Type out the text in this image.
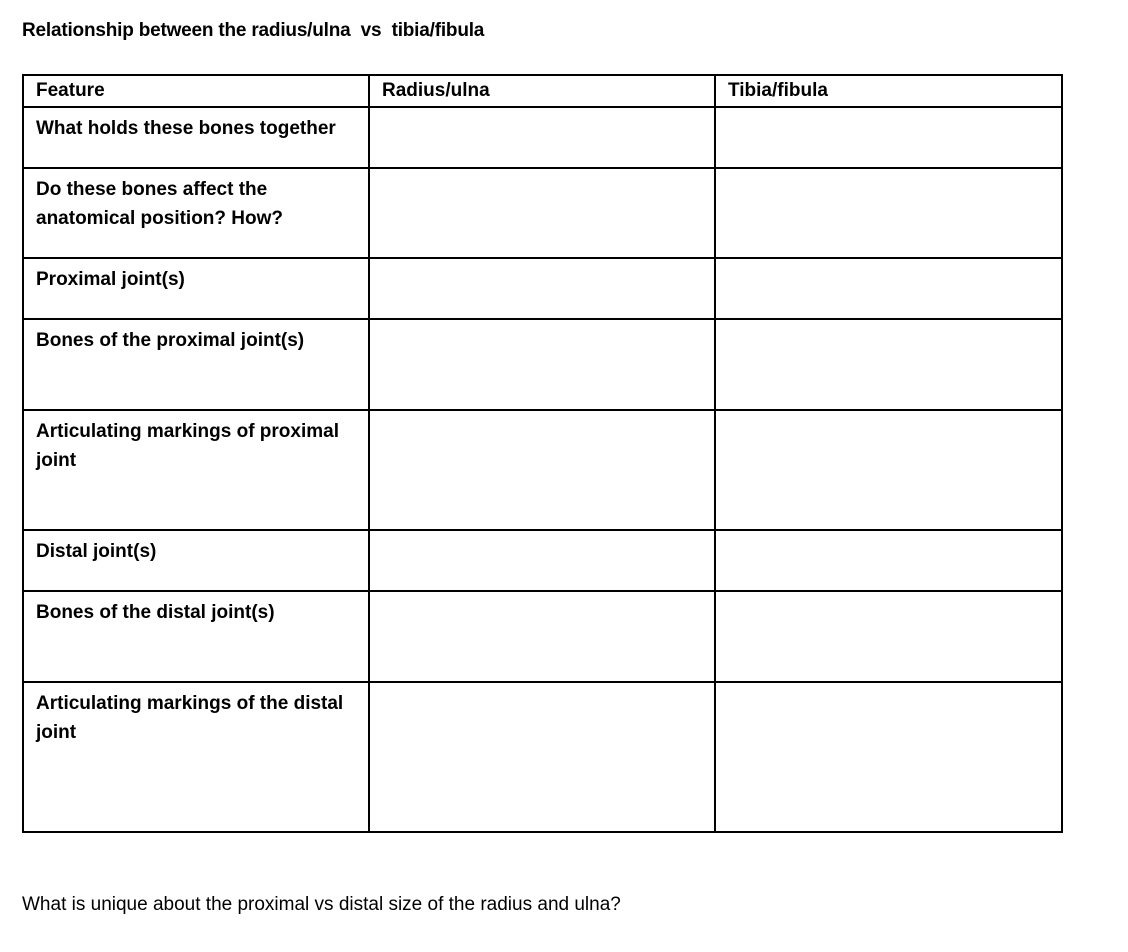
Relationship between the radius/ulna  vs  tibia/fibula
Feature	Radius/ulna	Tibia/fibula
What holds these bones together		
Do these bones affect the anatomical position? How?		
Proximal joint(s)		
Bones of the proximal joint(s)		
Articulating markings of proximal joint		
Distal joint(s)		
Bones of the distal joint(s)		
Articulating markings of the distal joint		
What is unique about the proximal vs distal size of the radius and ulna?
